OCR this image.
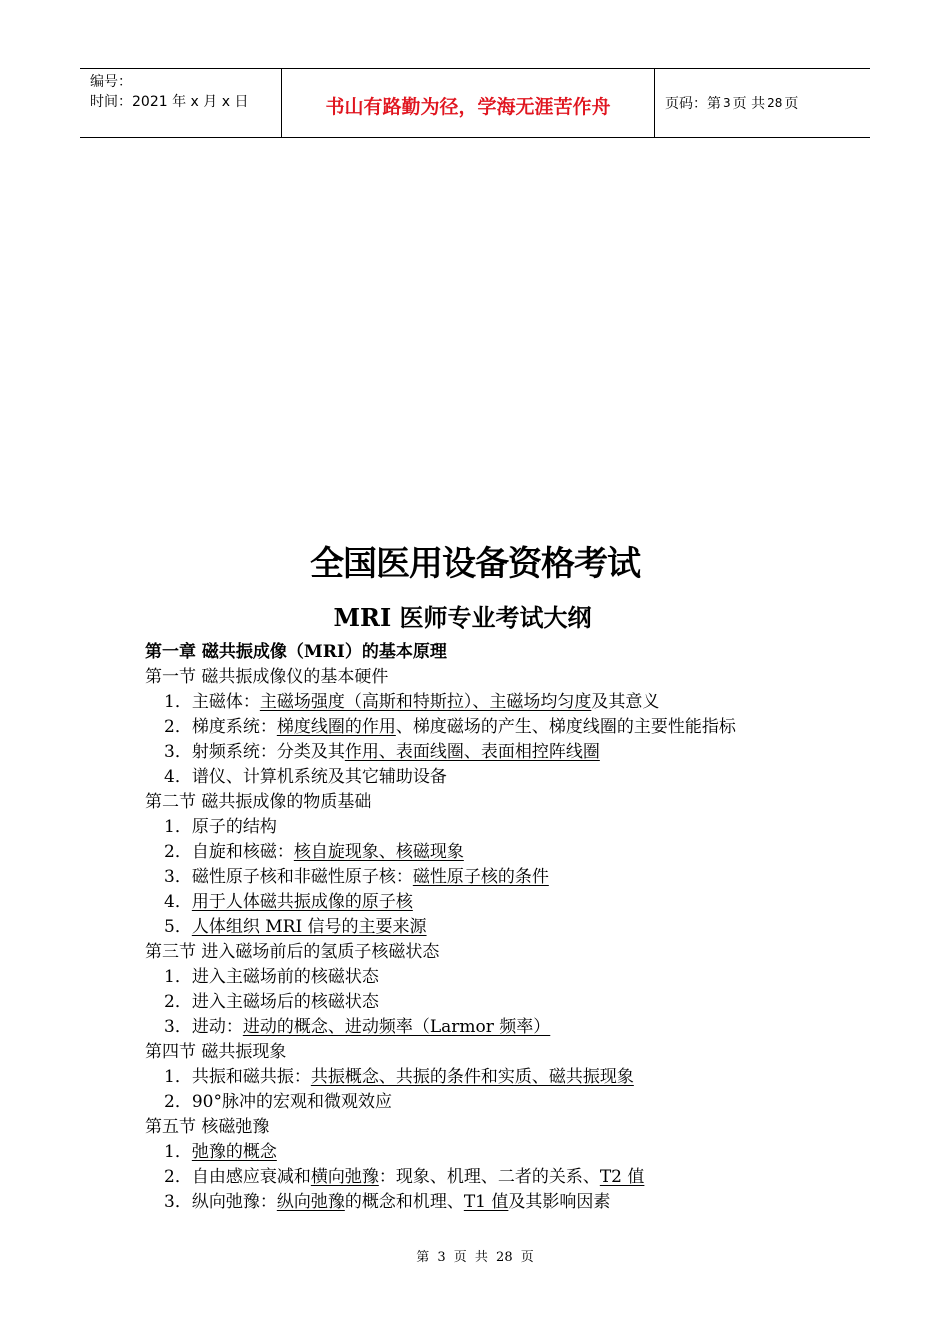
编号：
时间：2021 年 x 月 x 日	书山有路勤为径，学海无涯苦作舟	页码：第 3 页 共 28 页
全国医用设备资格考试
MRI 医师专业考试大纲
第一章 磁共振成像（MRI）的基本原理
第一节 磁共振成像仪的基本硬件
1．主磁体：主磁场强度（高斯和特斯拉）、主磁场均匀度及其意义
2．梯度系统：梯度线圈的作用、梯度磁场的产生、梯度线圈的主要性能指标
3．射频系统：分类及其作用、表面线圈、表面相控阵线圈
4．谱仪、计算机系统及其它辅助设备
第二节 磁共振成像的物质基础
1．原子的结构
2．自旋和核磁：核自旋现象、核磁现象
3．磁性原子核和非磁性原子核：磁性原子核的条件
4．用于人体磁共振成像的原子核
5．人体组织 MRI 信号的主要来源
第三节 进入磁场前后的氢质子核磁状态
1．进入主磁场前的核磁状态
2．进入主磁场后的核磁状态
3．进动：进动的概念、进动频率（Larmor 频率）
第四节 磁共振现象
1．共振和磁共振：共振概念、共振的条件和实质、磁共振现象
2．90°脉冲的宏观和微观效应
第五节 核磁弛豫
1．弛豫的概念
2．自由感应衰减和横向弛豫：现象、机理、二者的关系、T2 值
3．纵向弛豫：纵向弛豫的概念和机理、T1 值及其影响因素
第 3 页 共 28 页
